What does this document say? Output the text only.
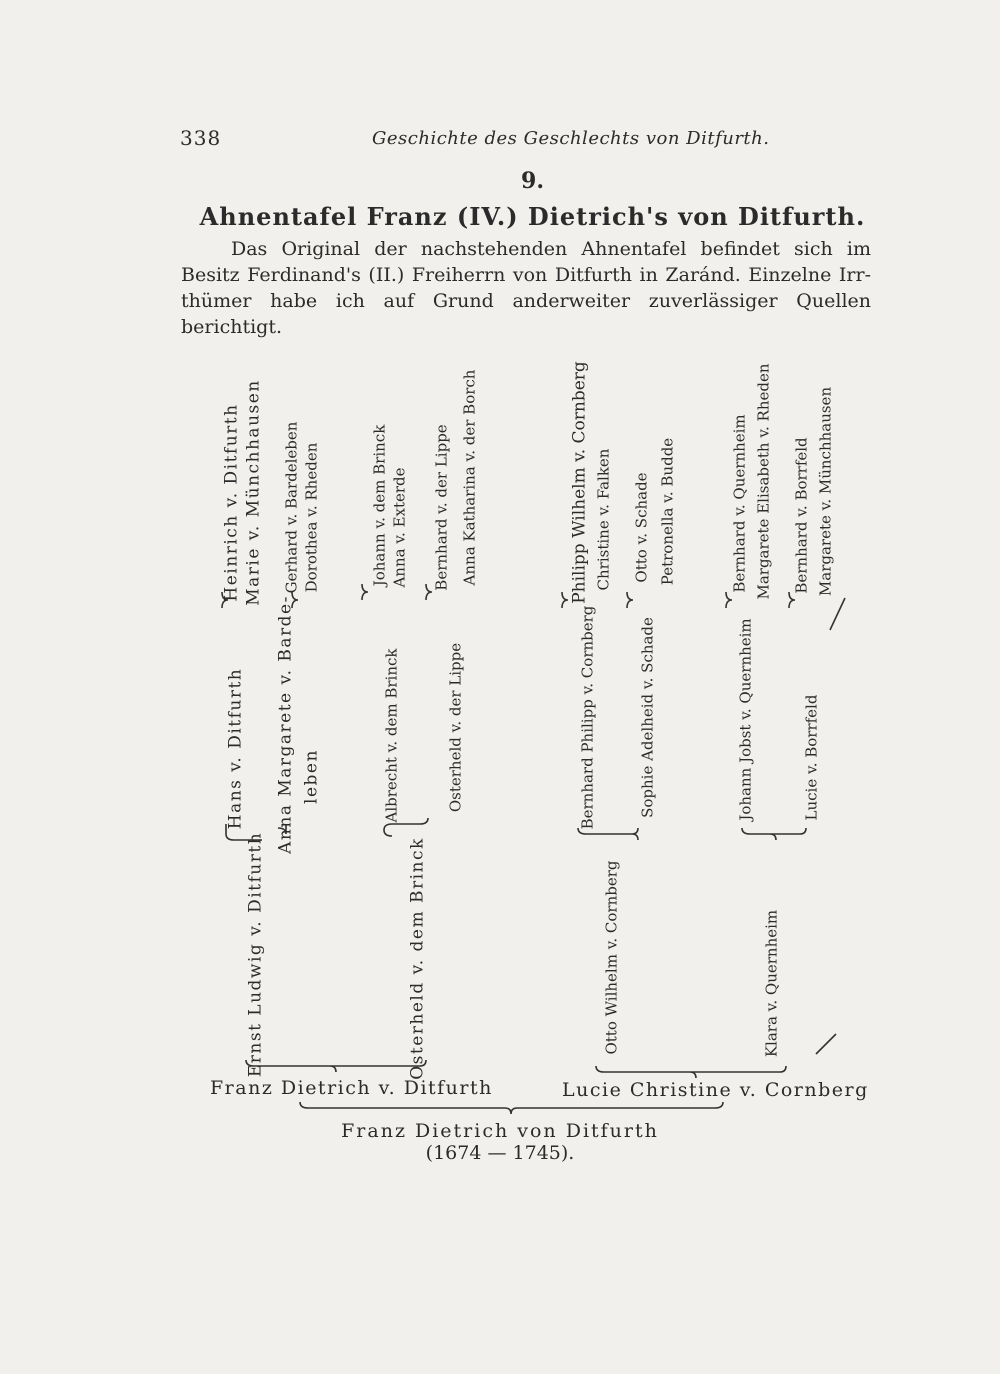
338	Geschichte des Geschlechts von Ditfurth.
9.
Ahnentafel Franz (IV.) Dietrich's von Ditfurth.
Das Original der nachstehenden Ahnentafel befindet sich im Besitz Ferdinand's (II.) Freiherrn von Ditfurth in Zaránd. Einzelne Irr-thümer habe ich auf Grund anderweiter zuverlässiger Quellen berichtigt.
Heinrich v. Ditfurth Marie v. Münchhausen Gerhard v. Bardeleben Dorothea v. Rheden	Johann v. dem Brinck Anna v. Exterde Bernhard v. der Lippe Anna Katharina v. der Borch	Philipp Wilhelm v. Cornberg Christine v. Falken Otto v. Schade Petronella v. Budde	Bernhard v. Quernheim Margarete Elisabeth v. Rheden Bernhard v. Borrfeld Margarete v. Münchhausen
Hans v. Ditfurth Anna Margarete v. Barde- leben	Albrecht v. dem Brinck	Osterheld v. der Lippe	Bernhard Philipp v. Cornberg	Sophie Adelheid v. Schade	Johann Jobst v. Quernheim	Lucie v. Borrfeld
Ernst Ludwig v. Ditfurth	Osterheld v. dem Brinck	Otto Wilhelm v. Cornberg	Klara v. Quernheim
Franz Dietrich v. Ditfurth	Lucie Christine v. Cornberg
Franz Dietrich von Ditfurth
(1674 — 1745).
